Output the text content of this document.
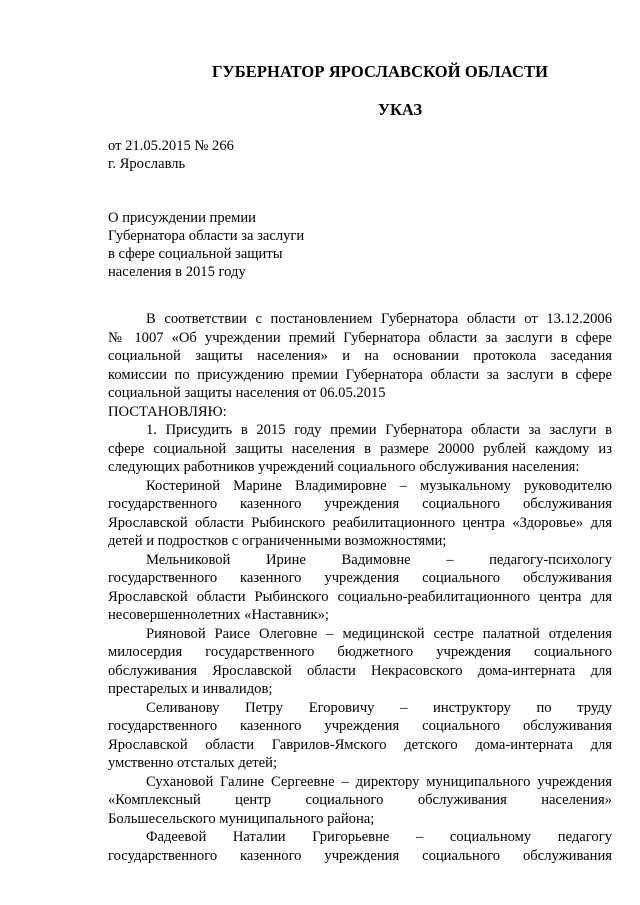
ГУБЕРНАТОР ЯРОСЛАВСКОЙ ОБЛАСТИ
УКАЗ
от 21.05.2015 № 266
г. Ярославль
О присуждении премии
Губернатора области за заслуги
в сфере социальной защиты
населения в 2015 году
В соответствии с постановлением Губернатора области от 13.12.2006
№ 1007 «Об учреждении премий Губернатора области за заслуги в сфере
социальной защиты населения» и на основании протокола заседания
комиссии по присуждению премии Губернатора области за заслуги в сфере
социальной защиты населения от 06.05.2015
ПОСТАНОВЛЯЮ:
1. Присудить в 2015 году премии Губернатора области за заслуги в
сфере социальной защиты населения в размере 20000 рублей каждому из
следующих работников учреждений социального обслуживания населения:
Костериной Марине Владимировне – музыкальному руководителю
государственного казенного учреждения социального обслуживания
Ярославской области Рыбинского реабилитационного центра «Здоровье» для
детей и подростков с ограниченными возможностями;
Мельниковой Ирине Вадимовне – педагогу-психологу
государственного казенного учреждения социального обслуживания
Ярославской области Рыбинского социально-реабилитационного центра для
несовершеннолетних «Наставник»;
Рияновой Раисе Олеговне – медицинской сестре палатной отделения
милосердия государственного бюджетного учреждения социального
обслуживания Ярославской области Некрасовского дома-интерната для
престарелых и инвалидов;
Селиванову Петру Егоровичу – инструктору по труду
государственного казенного учреждения социального обслуживания
Ярославской области Гаврилов-Ямского детского дома-интерната для
умственно отсталых детей;
Сухановой Галине Сергеевне – директору муниципального учреждения
«Комплексный центр социального обслуживания населения»
Большесельского муниципального района;
Фадеевой Наталии Григорьевне – социальному педагогу
государственного казенного учреждения социального обслуживания
